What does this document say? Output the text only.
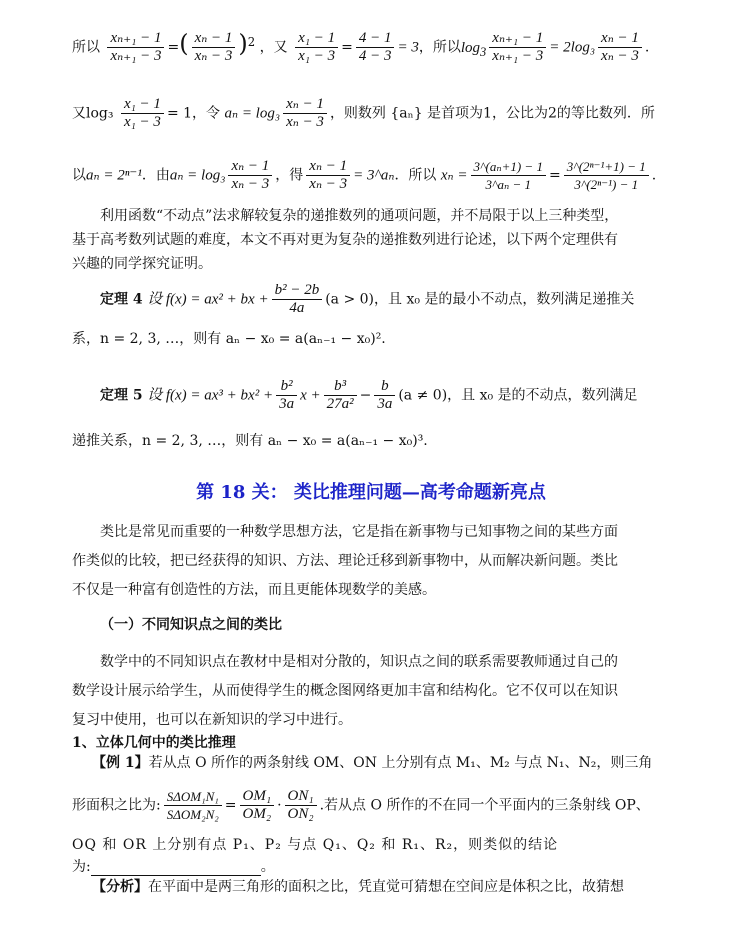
所以 $\frac{\text{xₙ₊₁ − 1}}{\text{xₙ₊₁ − 3}}$ =( $\frac{\text{xₙ − 1}}{\text{xₙ − 3}} )^2$ ，又 $\frac{\text{x₁ − 1}}{\text{x₁ − 3}} = \frac{4 - 1}{4 - 3} = 3$，所以$\log_3 \frac{\text{xₙ₊₁ − 1}}{\text{xₙ₊₁ − 3}} = 2\log_3 \frac{\text{xₙ − 1}}{\text{xₙ − 3}}$ .
又$\log_3 \frac{\text{x₁ − 1}}{\text{x₁ − 3}} = 1$，令 $a_n = \log_3 \frac{\text{xₙ − 1}}{\text{xₙ − 3}}$ ，则数列 {aₙ} 是首项为1，公比为2的等比数列．所
以aₙ = 2ⁿ⁻¹．由$a_n = \log_3 \frac{\text{xₙ − 1}}{\text{xₙ − 3}}$ ，得 $\frac{\text{xₙ − 1}}{\text{xₙ − 3}}$ = 3^aₙ．所以 $x_n = \frac{\text{3\textasciicircum{}(aₙ+1) − 1}}{\text{3\textasciicircum{}aₙ − 1}} = \frac{\text{3\textasciicircum{}(2ⁿ⁻¹+1) − 1}}{\text{3\textasciicircum{}(2ⁿ⁻¹) − 1}}$ .
利用函数“不动点”法求解较复杂的递推数列的通项问题，并不局限于以上三种类型，基于高考数列试题的难度，本文不再对更为复杂的递推数列进行论述，以下两个定理供有兴趣的同学探究证明。
定理 4 设 f(x) = ax² + bx + $\frac{\text{b² − 2b}}{4a} (a > 0)$，且 x₀ 是的最小不动点，数列满足递推关
系，n = 2, 3, …，则有 aₙ − x₀ = a(aₙ₋₁ − x₀)².
定理 5 设 $f(x) = ax^3 + bx^2 + \frac{\text{b²}}{3a}$ $x + \frac{\text{b³}}{\text{27a²}} - \frac{b}{3a} (a \ne 0)$，且 x₀ 是的不动点，数列满足
递推关系，n = 2, 3, …，则有 aₙ − x₀ = a(aₙ₋₁ − x₀)³.
第 18 关： 类比推理问题—高考命题新亮点
类比是常见而重要的一种数学思想方法，它是指在新事物与已知事物之间的某些方面作类似的比较，把已经获得的知识、方法、理论迁移到新事物中，从而解决新问题。类比不仅是一种富有创造性的方法，而且更能体现数学的美感。
（一）不同知识点之间的类比
数学中的不同知识点在教材中是相对分散的，知识点之间的联系需要教师通过自己的数学设计展示给学生，从而使得学生的概念图网络更加丰富和结构化。它不仅可以在知识复习中使用，也可以在新知识的学习中进行。
1、立体几何中的类比推理
【例 1】若从点 O 所作的两条射线 OM、ON 上分别有点 M₁、M₂ 与点 N₁、N₂，则三角
形面积之比为: $\frac{\text{SΔOM₁N₁}}{\text{SΔOM₂N₂}} = \frac{\text{OM₁}}{\text{OM₂}} \cdot \frac{\text{ON₁}}{\text{ON₂}}$ .若从点 O 所作的不在同一个平面内的三条射线 OP、
OQ 和 OR 上分别有点 P₁、P₂ 与点 Q₁、Q₂ 和 R₁、R₂，则类似的结论
为:	。
【分析】在平面中是两三角形的面积之比，凭直觉可猜想在空间应是体积之比，故猜想
